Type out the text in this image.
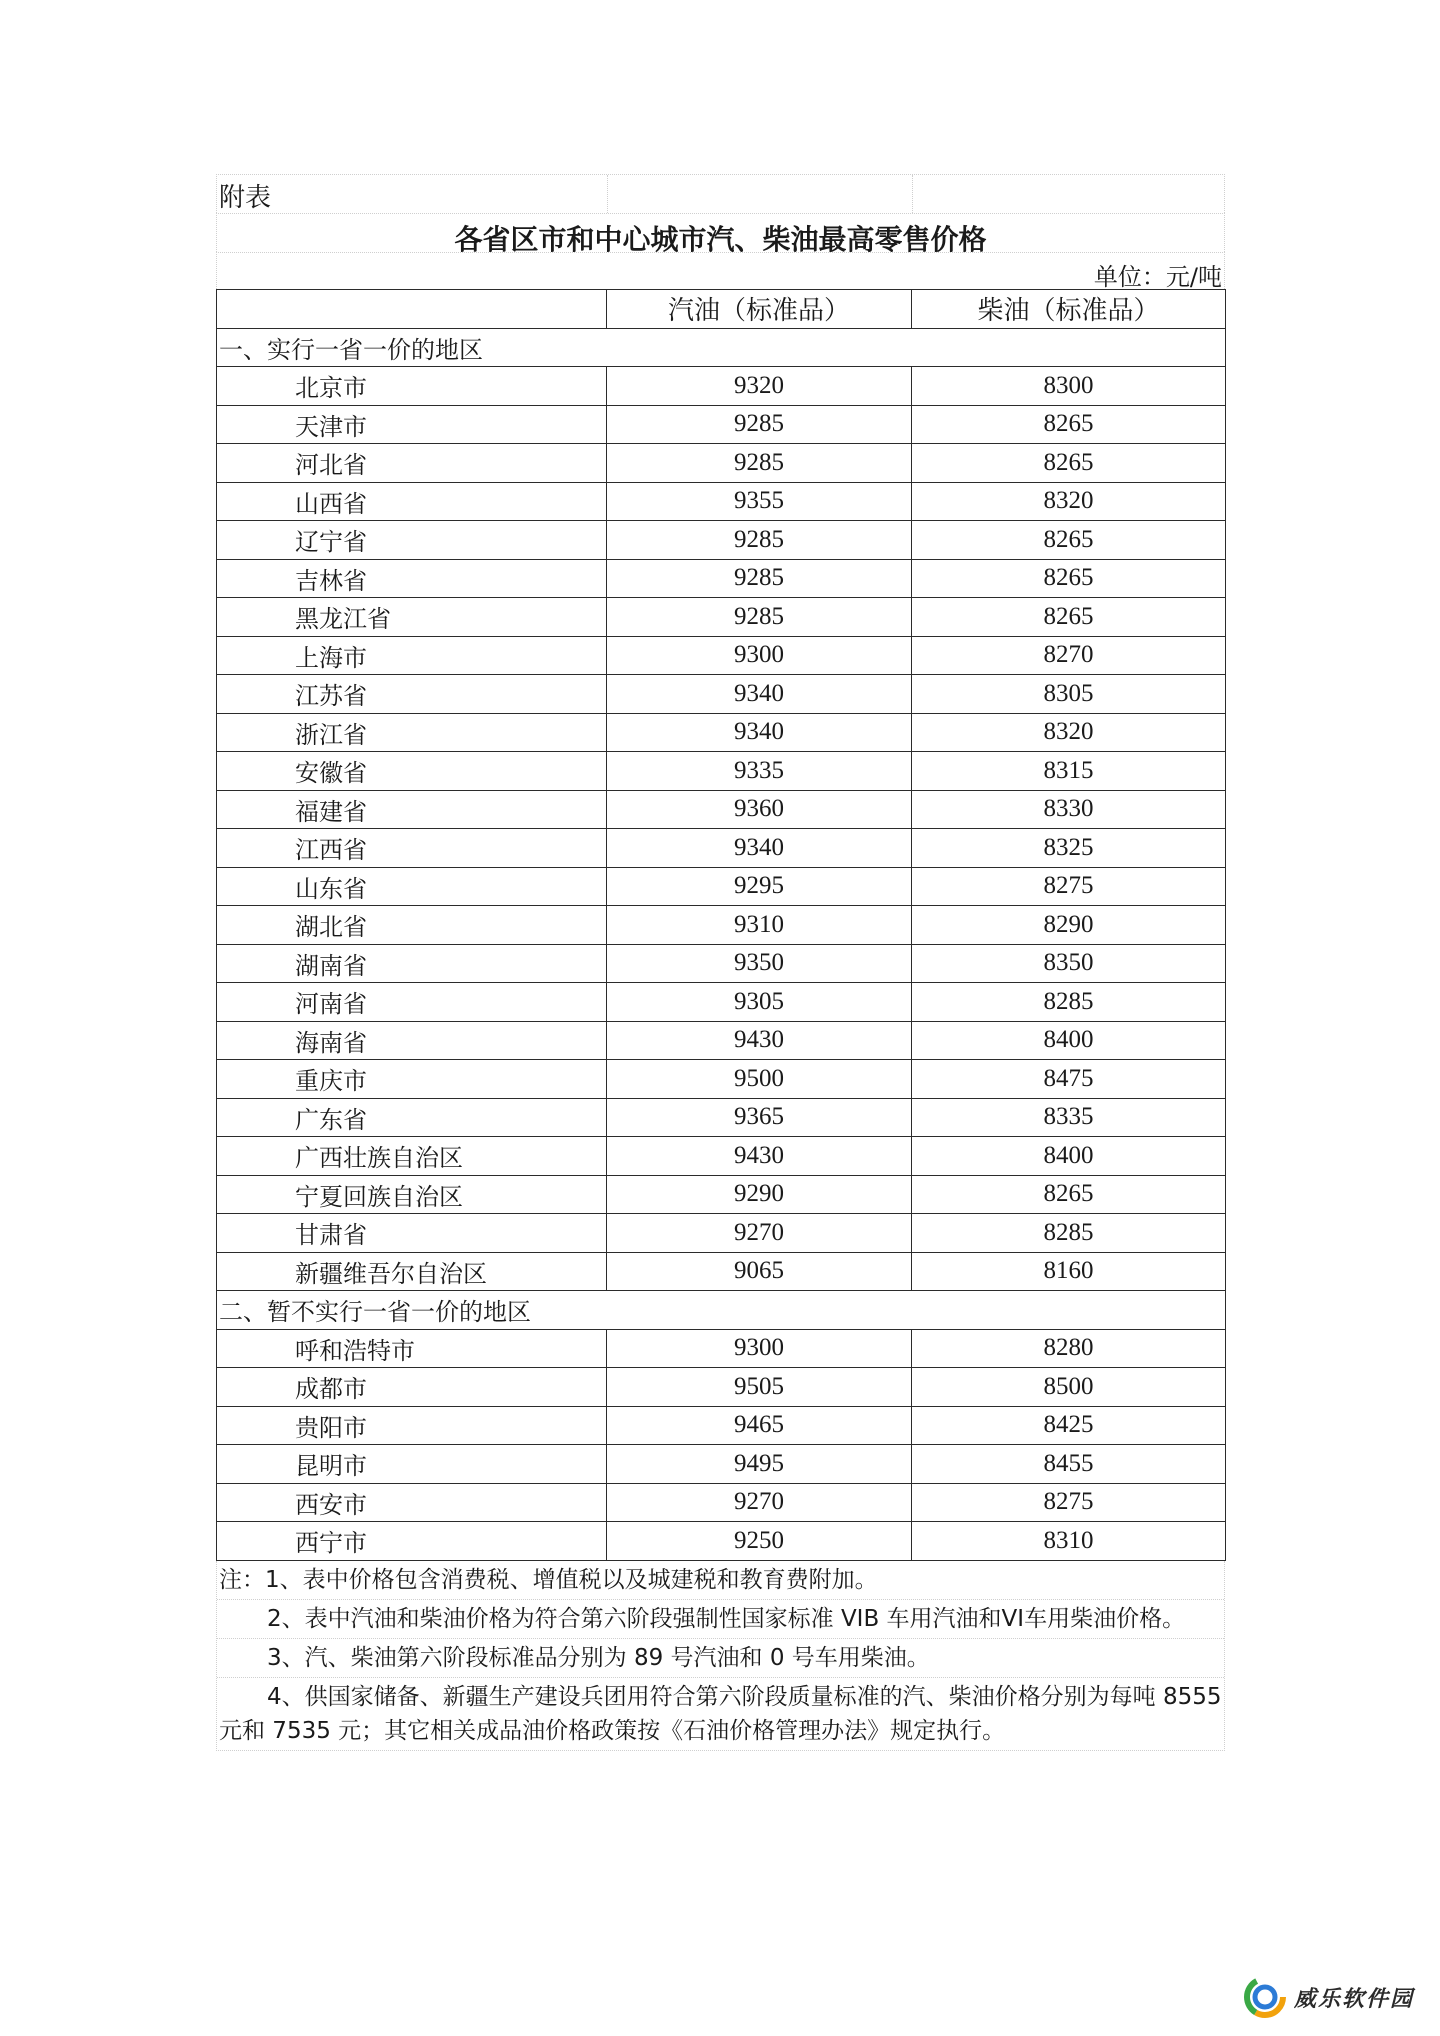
附表
各省区市和中心城市汽、柴油最高零售价格
单位：元/吨
	汽油（标准品）	柴油（标准品）
一、实行一省一价的地区		
北京市	9320	8300
天津市	9285	8265
河北省	9285	8265
山西省	9355	8320
辽宁省	9285	8265
吉林省	9285	8265
黑龙江省	9285	8265
上海市	9300	8270
江苏省	9340	8305
浙江省	9340	8320
安徽省	9335	8315
福建省	9360	8330
江西省	9340	8325
山东省	9295	8275
湖北省	9310	8290
湖南省	9350	8350
河南省	9305	8285
海南省	9430	8400
重庆市	9500	8475
广东省	9365	8335
广西壮族自治区	9430	8400
宁夏回族自治区	9290	8265
甘肃省	9270	8285
新疆维吾尔自治区	9065	8160
二、暂不实行一省一价的地区		
呼和浩特市	9300	8280
成都市	9505	8500
贵阳市	9465	8425
昆明市	9495	8455
西安市	9270	8275
西宁市	9250	8310
注：1、表中价格包含消费税、增值税以及城建税和教育费附加。
2、表中汽油和柴油价格为符合第六阶段强制性国家标准 VIB 车用汽油和VI车用柴油价格。
3、汽、柴油第六阶段标准品分别为 89 号汽油和 0 号车用柴油。
4、供国家储备、新疆生产建设兵团用符合第六阶段质量标准的汽、柴油价格分别为每吨 8555 元和 7535 元；其它相关成品油价格政策按《石油价格管理办法》规定执行。
威乐软件园
